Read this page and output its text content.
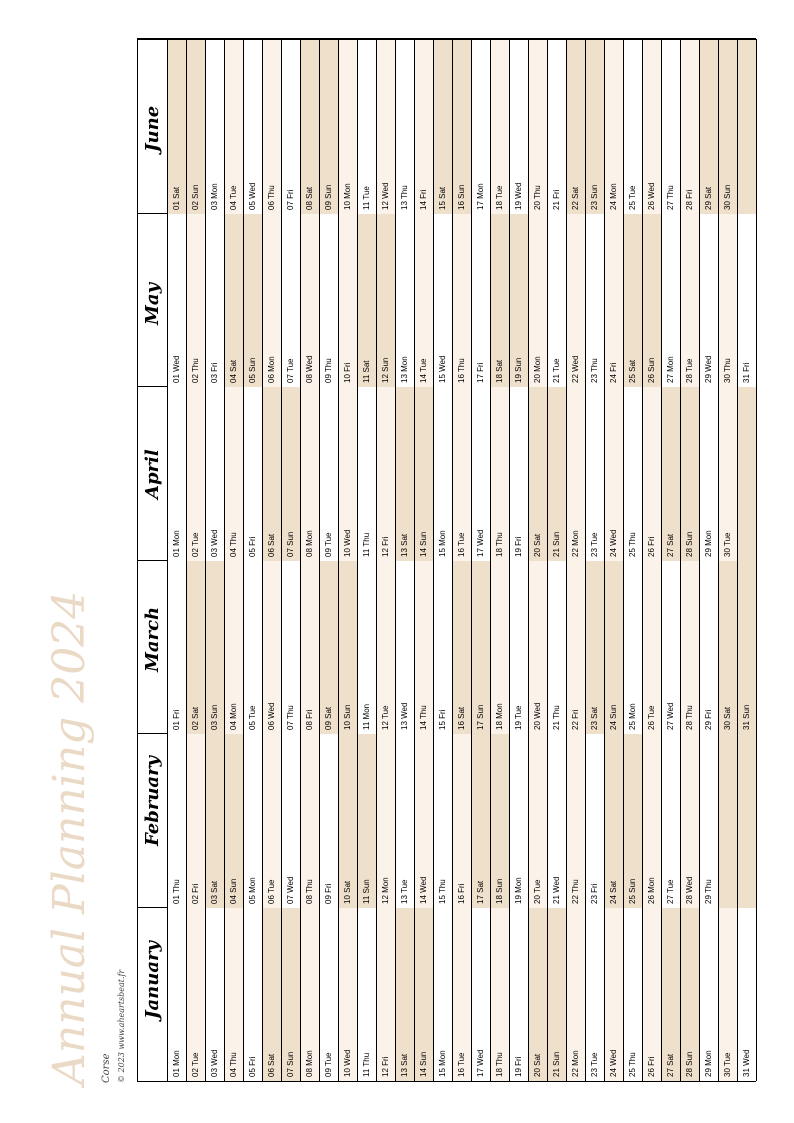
Annual Planning 2024 Corse © 2023 www.aheartsbeat.fr January
01 Mon 02 Tue 03 Wed 04 Thu 05 Fri 06 Sat 07 Sun 08 Mon 09 Tue 10 Wed 11 Thu 12 Fri 13 Sat 14 Sun 15 Mon 16 Tue 17 Wed 18 Thu 19 Fri 20 Sat 21 Sun 22 Mon 23 Tue 24 Wed 25 Thu 26 Fri 27 Sat 28 Sun 29 Mon 30 Tue 31 Wed
February
01 Thu 02 Fri 03 Sat 04 Sun 05 Mon 06 Tue 07 Wed 08 Thu 09 Fri 10 Sat 11 Sun 12 Mon 13 Tue 14 Wed 15 Thu 16 Fri 17 Sat 18 Sun 19 Mon 20 Tue 21 Wed 22 Thu 23 Fri 24 Sat 25 Sun 26 Mon 27 Tue 28 Wed 29 Thu
March
01 Fri 02 Sat 03 Sun 04 Mon 05 Tue 06 Wed 07 Thu 08 Fri 09 Sat 10 Sun 11 Mon 12 Tue 13 Wed 14 Thu 15 Fri 16 Sat 17 Sun 18 Mon 19 Tue 20 Wed 21 Thu 22 Fri 23 Sat 24 Sun 25 Mon 26 Tue 27 Wed 28 Thu 29 Fri 30 Sat 31 Sun
April
01 Mon 02 Tue 03 Wed 04 Thu 05 Fri 06 Sat 07 Sun 08 Mon 09 Tue 10 Wed 11 Thu 12 Fri 13 Sat 14 Sun 15 Mon 16 Tue 17 Wed 18 Thu 19 Fri 20 Sat 21 Sun 22 Mon 23 Tue 24 Wed 25 Thu 26 Fri 27 Sat 28 Sun 29 Mon 30 Tue
May
01 Wed 02 Thu 03 Fri 04 Sat 05 Sun 06 Mon 07 Tue 08 Wed 09 Thu 10 Fri 11 Sat 12 Sun 13 Mon 14 Tue 15 Wed 16 Thu 17 Fri 18 Sat 19 Sun 20 Mon 21 Tue 22 Wed 23 Thu 24 Fri 25 Sat 26 Sun 27 Mon 28 Tue 29 Wed 30 Thu 31 Fri
June
01 Sat 02 Sun 03 Mon 04 Tue 05 Wed 06 Thu 07 Fri 08 Sat 09 Sun 10 Mon 11 Tue 12 Wed 13 Thu 14 Fri 15 Sat 16 Sun 17 Mon 18 Tue 19 Wed 20 Thu 21 Fri 22 Sat 23 Sun 24 Mon 25 Tue 26 Wed 27 Thu 28 Fri 29 Sat 30 Sun
